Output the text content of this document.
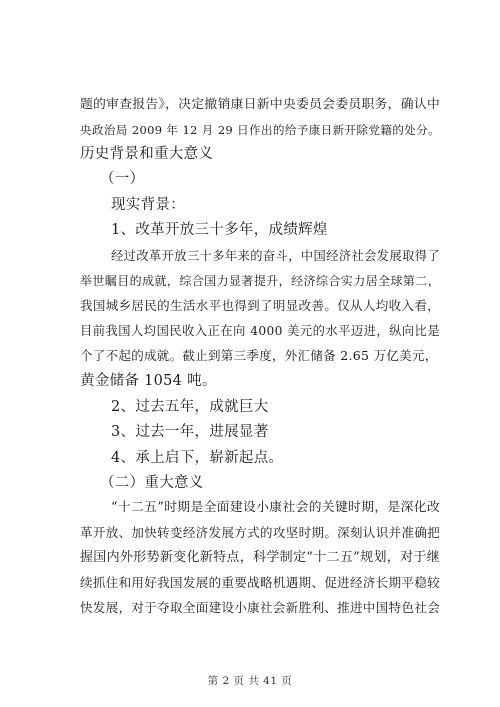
题的审查报告》，决定撤销康日新中央委员会委员职务，确认中
央政治局 2009 年 12 月 29 日作出的给予康日新开除党籍的处分。
历史背景和重大意义
（一）
现实背景：
1、改革开放三十多年，成绩辉煌
经过改革开放三十多年来的奋斗，中国经济社会发展取得了
举世瞩目的成就，综合国力显著提升，经济综合实力居全球第二，
我国城乡居民的生活水平也得到了明显改善。仅从人均收入看，
目前我国人均国民收入正在向 4000 美元的水平迈进，纵向比是
个了不起的成就。截止到第三季度，外汇储备 2.65 万亿美元，
黄金储备 1054 吨。
2、过去五年，成就巨大
3、过去一年，进展显著
4、承上启下，崭新起点。
（二）重大意义
“十二五”时期是全面建设小康社会的关键时期，是深化改
革开放、加快转变经济发展方式的攻坚时期。深刻认识并准确把
握国内外形势新变化新特点，科学制定“十二五”规划，对于继
续抓住和用好我国发展的重要战略机遇期、促进经济长期平稳较
快发展，对于夺取全面建设小康社会新胜利、推进中国特色社会
第 2 页 共 41 页
